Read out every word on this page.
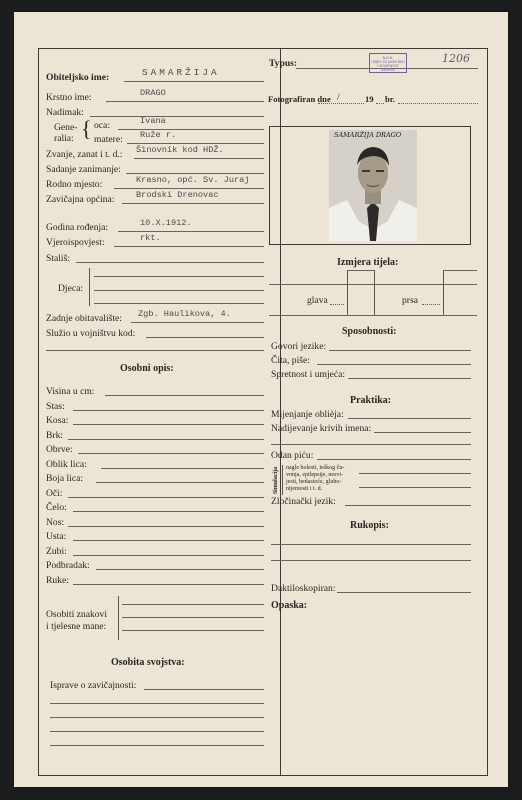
Obiteljsko ime:	SAMARŽIJA
Krstno ime:	DRAGO
Nadimak:
Gene-
ralia: { oca:	Ivana
matere: Ruže r.
Zvanje, zanat i t. d.: Šinovnik kod HDŽ.
Sadanje zanimanje:
Rodno mjesto:	Krasno, opć. Sv. Juraj
Zavičajna općina:	Brodski Drenovac
Godina rođenja:	10.X.1912.
Vjeroispovjest:	rkt.
Stališ:
Djeca:
Zadnje obitavalište: Zgb. Haulikova, 4.
Služio u vojništvu kod:
Osobni opis:
Osobiti znakovi
i tjelesne mane:
Osobita svojstva:
Isprave o zavičajnosti:
Typus:	N.D.H.
ODJEL ZA JAVNI RED
I SIGURNOST
ZAGREB
1206
Fotografiran dne /	19 br.
SAMARŽIJA DRAGO
Izmjera tijela:
glava	prsa
Sposobnosti:
Govori jezike:
Čita, piše:
Spretnost i umjeća:
Praktika:
Mijenjanje oblièja:
Nadijevanje krivih imena:
Odan piću:
Simulacija	nagle bolesti, teškog ču-
vonja, epilepsije, nesvi-
jesti, bedastoće, gluho-
nijemosti i t. d.
Zločinački jezik:
Rukopis:
Daktiloskopiran:
Opaska:
Visina u cm:
Stas:
Kosa:
Brk:
Obrve:
Oblik lica:
Boja lica:
Oči:
Čelo:
Nos:
Usta:
Zubi:
Podbradak:
Ruke:
